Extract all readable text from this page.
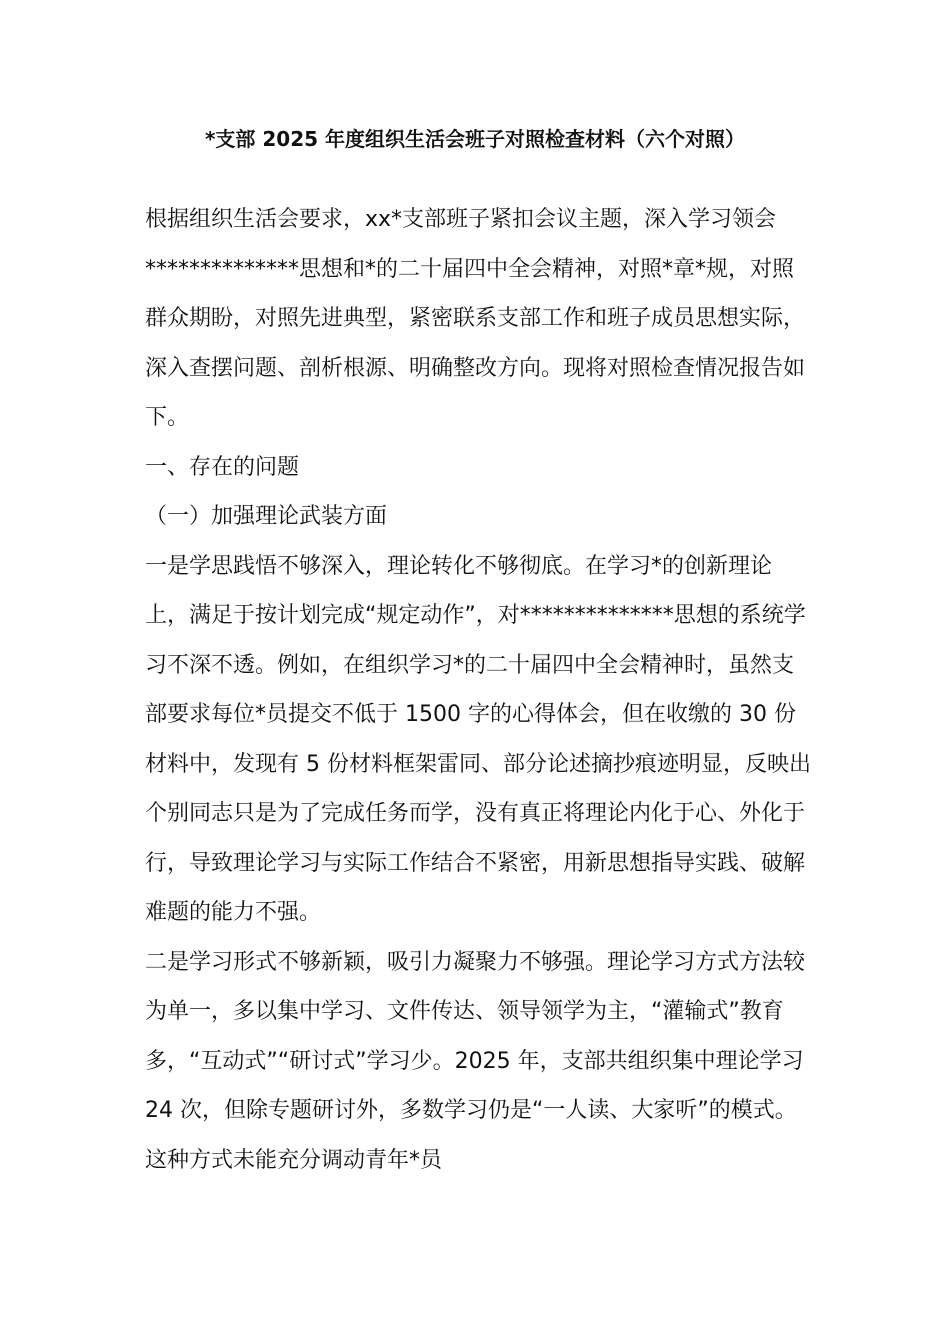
*支部 2025 年度组织生活会班子对照检查材料（六个对照）

根据组织生活会要求，xx*支部班子紧扣会议主题，深入学习领会**************思想和*的二十届四中全会精神，对照*章*规，对照群众期盼，对照先进典型，紧密联系支部工作和班子成员思想实际，深入查摆问题、剖析根源、明确整改方向。现将对照检查情况报告如下。

一、存在的问题

（一）加强理论武装方面

一是学思践悟不够深入，理论转化不够彻底。在学习*的创新理论上，满足于按计划完成“规定动作”，对**************思想的系统学习不深不透。例如，在组织学习*的二十届四中全会精神时，虽然支部要求每位*员提交不低于 1500 字的心得体会，但在收缴的 30 份材料中，发现有 5 份材料框架雷同、部分论述摘抄痕迹明显，反映出个别同志只是为了完成任务而学，没有真正将理论内化于心、外化于行，导致理论学习与实际工作结合不紧密，用新思想指导实践、破解难题的能力不强。

二是学习形式不够新颖，吸引力凝聚力不够强。理论学习方式方法较为单一，多以集中学习、文件传达、领导领学为主，“灌输式”教育多，“互动式”“研讨式”学习少。2025 年，支部共组织集中理论学习 24 次，但除专题研讨外，多数学习仍是“一人读、大家听”的模式。这种方式未能充分调动青年*员
